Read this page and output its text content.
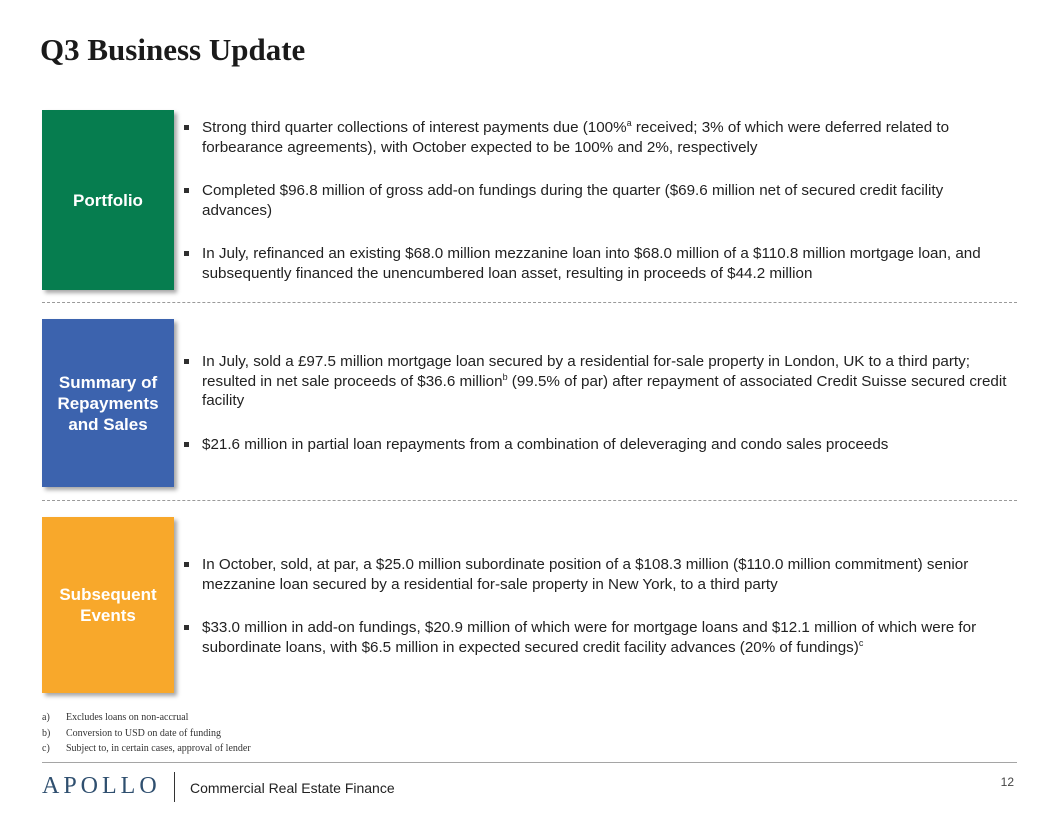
Q3 Business Update
Portfolio
Strong third quarter collections of interest payments due (100%$^a$ received; 3% of which were deferred related to forbearance agreements), with October expected to be 100% and 2%, respectively
Completed $96.8 million of gross add-on fundings during the quarter ($69.6 million net of secured credit facility advances)
In July, refinanced an existing $68.0 million mezzanine loan into $68.0 million of a $110.8 million mortgage loan, and subsequently financed the unencumbered loan asset, resulting in proceeds of $44.2 million
Summary of Repayments and Sales
In July, sold a £97.5 million mortgage loan secured by a residential for-sale property in London, UK to a third party; resulted in net sale proceeds of $36.6 million$^b$ (99.5% of par) after repayment of associated Credit Suisse secured credit facility
$21.6 million in partial loan repayments from a combination of deleveraging and condo sales proceeds
Subsequent Events
In October, sold, at par, a $25.0 million subordinate position of a $108.3 million ($110.0 million commitment) senior mezzanine loan secured by a residential for-sale property in New York, to a third party
$33.0 million in add-on fundings, $20.9 million of which were for mortgage loans and $12.1 million of which were for subordinate loans, with $6.5 million in expected secured credit facility advances (20% of fundings)$^c$
a)	Excludes loans on non-accrual
b)	Conversion to USD on date of funding
c)	Subject to, in certain cases, approval of lender
APOLLO Commercial Real Estate Finance	12
